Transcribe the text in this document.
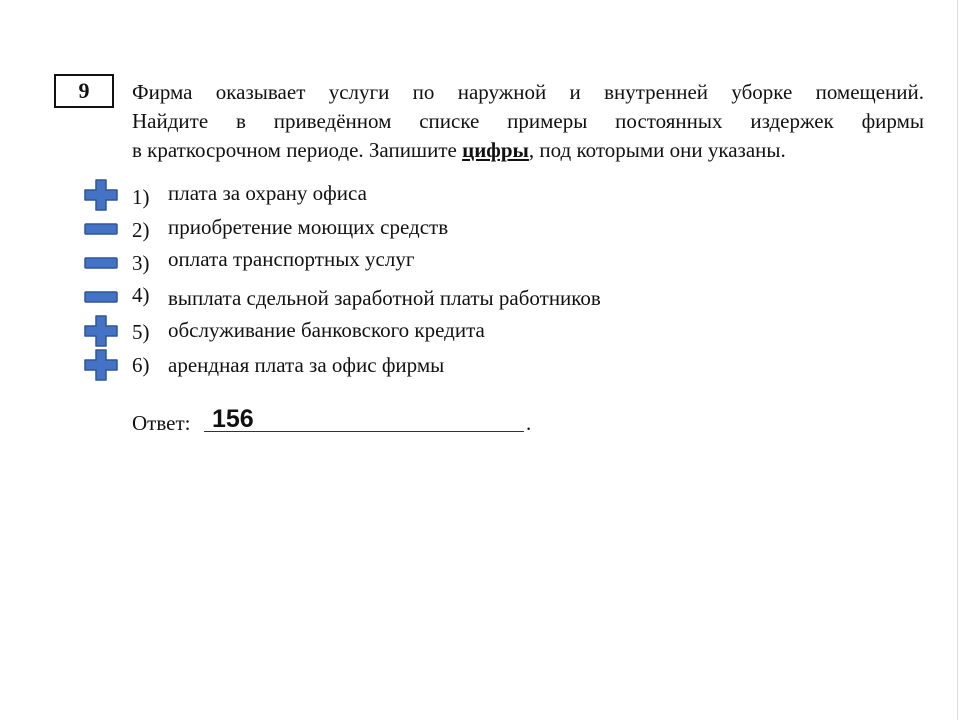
9 Фирма оказывает услуги по наружной и внутренней уборке помещений.
Найдите в приведённом списке примеры постоянных издержек фирмы
в краткосрочном периоде. Запишите цифры, под которыми они указаны.
1) плата за охрану офиса
2) приобретение моющих средств
3) оплата транспортных услуг
4) выплата сдельной заработной платы работников
5) обслуживание банковского кредита
6) арендная плата за офис фирмы
Ответ: 156	.
